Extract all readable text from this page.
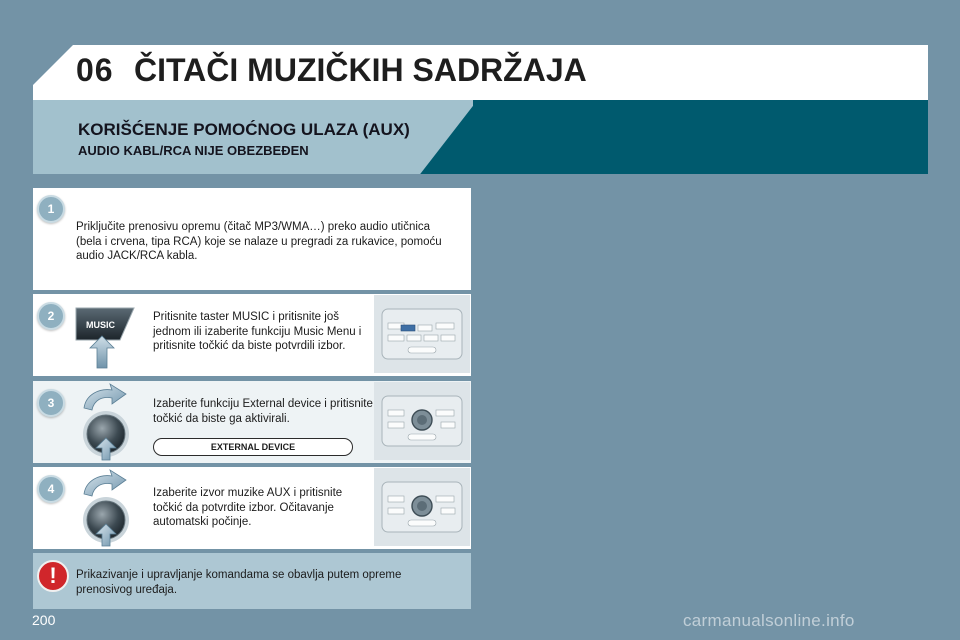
06 ČITAČI MUZIČKIH SADRŽAJA
KORIŠĆENJE POMOĆNOG ULAZA (AUX)
AUDIO KABL/RCA NIJE OBEZBEĐEN
1
Priključite prenosivu opremu (čitač MP3/WMA…) preko audio utičnica (bela i crvena, tipa RCA) koje se nalaze u pregradi za rukavice, pomoću audio JACK/RCA kabla.
2
MUSIC
Pritisnite taster MUSIC i pritisnite još jednom ili izaberite funkciju Music Menu i pritisnite točkić da biste potvrdili izbor.
3	Izaberite funkciju External device i pritisnite točkić da biste ga aktivirali.
EXTERNAL DEVICE
4	Izaberite izvor muzike AUX i pritisnite točkić da potvrdite izbor. Očitavanje automatski počinje.
!	Prikazivanje i upravljanje komandama se obavlja putem opreme prenosivog uređaja.
200	carmanualsonline.info
